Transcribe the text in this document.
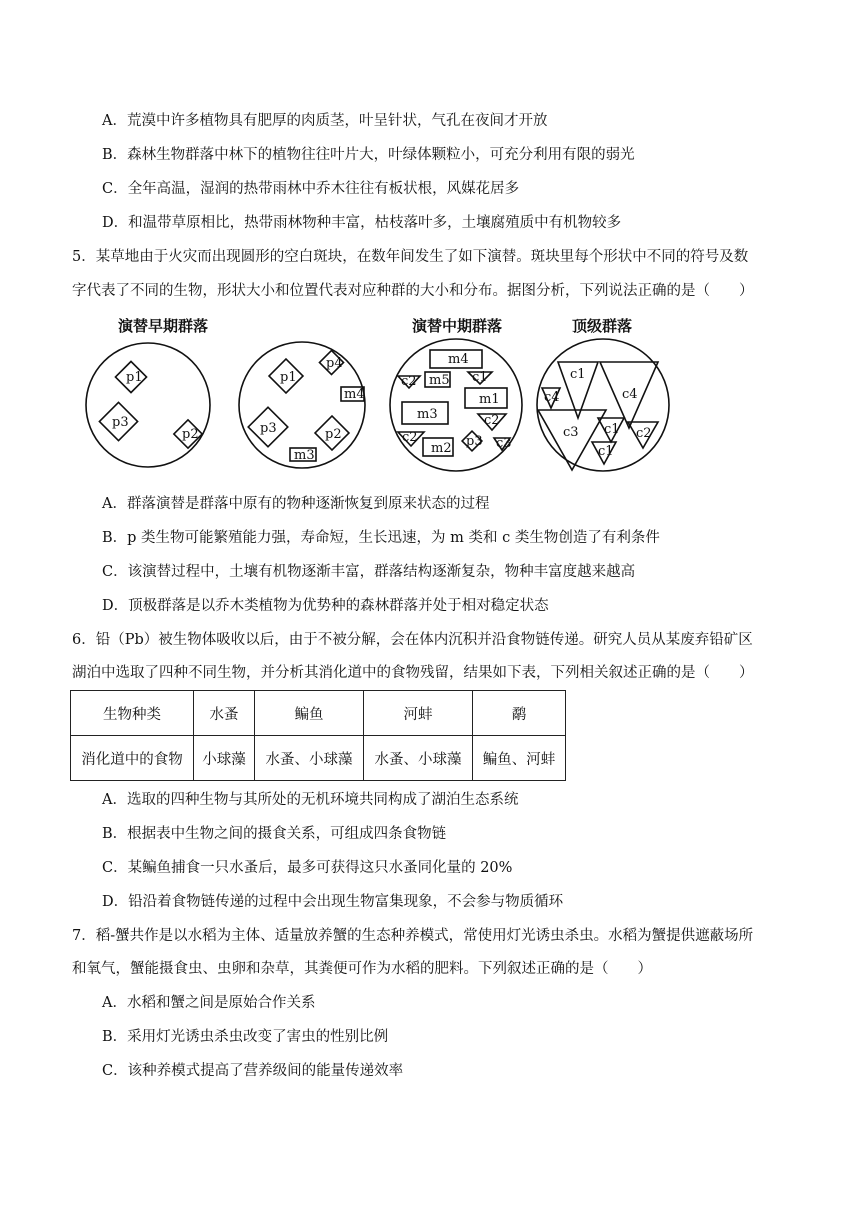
A．荒漠中许多植物具有肥厚的肉质茎，叶呈针状，气孔在夜间才开放
B．森林生物群落中林下的植物往往叶片大，叶绿体颗粒小，可充分利用有限的弱光
C．全年高温，湿润的热带雨林中乔木往往有板状根，风媒花居多
D．和温带草原相比，热带雨林物种丰富，枯枝落叶多，土壤腐殖质中有机物较多
5．某草地由于火灾而出现圆形的空白斑块，在数年间发生了如下演替。斑块里每个形状中不同的符号及数
字代表了不同的生物，形状大小和位置代表对应种群的大小和分布。据图分析，下列说法正确的是（　　）
演替早期群落	演替中期群落	顶级群落
p1
p3
p2
p4
p1
m4
p3	p2
m3
m4
c2 m5 c1
m1
m3	c2
c2	p3
m2	c3
c1
c4
c4
c3 c1 c2
c1
A．群落演替是群落中原有的物种逐渐恢复到原来状态的过程
B．p 类生物可能繁殖能力强，寿命短，生长迅速，为 m 类和 c 类生物创造了有利条件
C．该演替过程中，土壤有机物逐渐丰富，群落结构逐渐复杂，物种丰富度越来越高
D．顶极群落是以乔木类植物为优势种的森林群落并处于相对稳定状态
6．铅（Pb）被生物体吸收以后，由于不被分解，会在体内沉积并沿食物链传递。研究人员从某废弃铅矿区
湖泊中选取了四种不同生物，并分析其消化道中的食物残留，结果如下表，下列相关叙述正确的是（　　）
生物种类	水蚤	鳊鱼	河蚌	鹬
消化道中的食物	小球藻	水蚤、小球藻	水蚤、小球藻	鳊鱼、河蚌
A．选取的四种生物与其所处的无机环境共同构成了湖泊生态系统
B．根据表中生物之间的摄食关系，可组成四条食物链
C．某鳊鱼捕食一只水蚤后，最多可获得这只水蚤同化量的 20%
D．铅沿着食物链传递的过程中会出现生物富集现象，不会参与物质循环
7．稻-蟹共作是以水稻为主体、适量放养蟹的生态种养模式，常使用灯光诱虫杀虫。水稻为蟹提供遮蔽场所
和氧气，蟹能摄食虫、虫卵和杂草，其粪便可作为水稻的肥料。下列叙述正确的是（　　）
A．水稻和蟹之间是原始合作关系
B．采用灯光诱虫杀虫改变了害虫的性别比例
C．该种养模式提高了营养级间的能量传递效率
